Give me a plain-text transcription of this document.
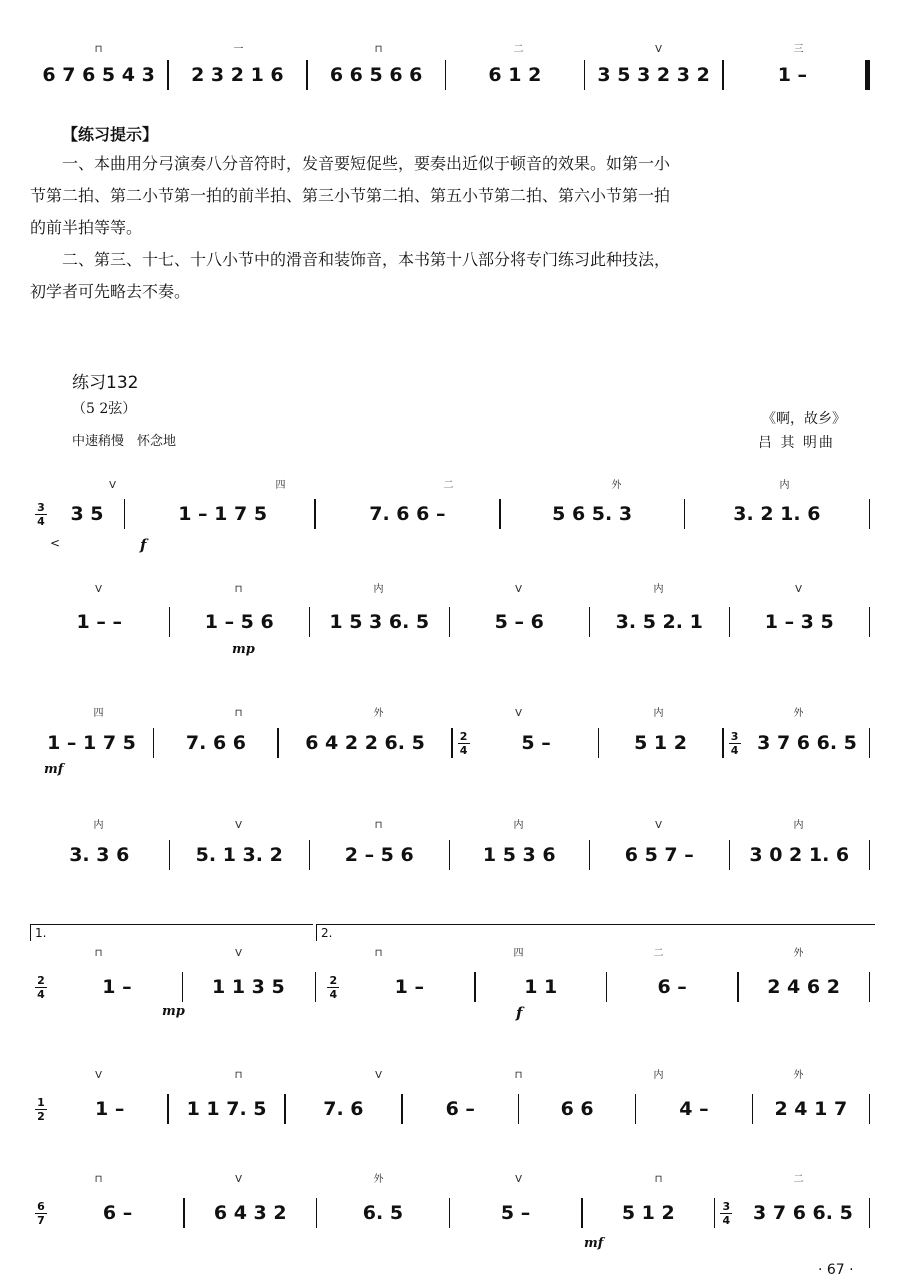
6 7 6 5 4 3	2 3 2 1 6	6 6 5 6 6	6 1 2	3 5 3 2 3 2	1 –
⊓	一	⊓	二	V	三
【练习提示】
一、本曲用分弓演奏八分音符时，发音要短促些，要奏出近似于顿音的效果。如第一小
节第二拍、第二小节第一拍的前半拍、第三小节第二拍、第五小节第二拍、第六小节第一拍
的前半拍等等。
二、第三、十七、十八小节中的滑音和装饰音，本书第十八部分将专门练习此种技法，
初学者可先略去不奏。
练习132
（5 2弦）
中速稍慢　怀念地
《啊，故乡》
吕 其 明曲
V	四	二	外	内
3
4	3 5	1 – 1 7 5	7. 6 6 –	5 6 5. 3	3. 2 1. 6
<	f
V	⊓	内	V	内	V
1 – –	1 – 5 6	1 5 3 6. 5	5 – 6	3. 5 2. 1	1 – 3 5
mp
四	⊓	外	V	内	外
1 – 1 7 5	7. 6 6	6 4 2 2 6. 5	2
4	5 –	5 1 2	3
4 3 7 6 6. 5
mf
内	V	⊓	内	V	内
3. 3 6	5. 1 3. 2	2 – 5 6	1 5 3 6	6 5 7 –	3 0 2 1. 6
1.	2.
⊓	V	⊓	四	二	外
2
4	1 –	1 1 3 5	2
4	1 –	1 1	6 –	2 4 6 2
mp	f
V	⊓	V	⊓	内	外
1
2	1 –	1 1 7. 5	7. 6	6 –	6 6	4 –	2 4 1 7
⊓	V	外	V	⊓	二
6
7	6 –	6 4 3 2	6. 5	5 –	5 1 2	3
4	3 7 6 6. 5
mf
· 67 ·
